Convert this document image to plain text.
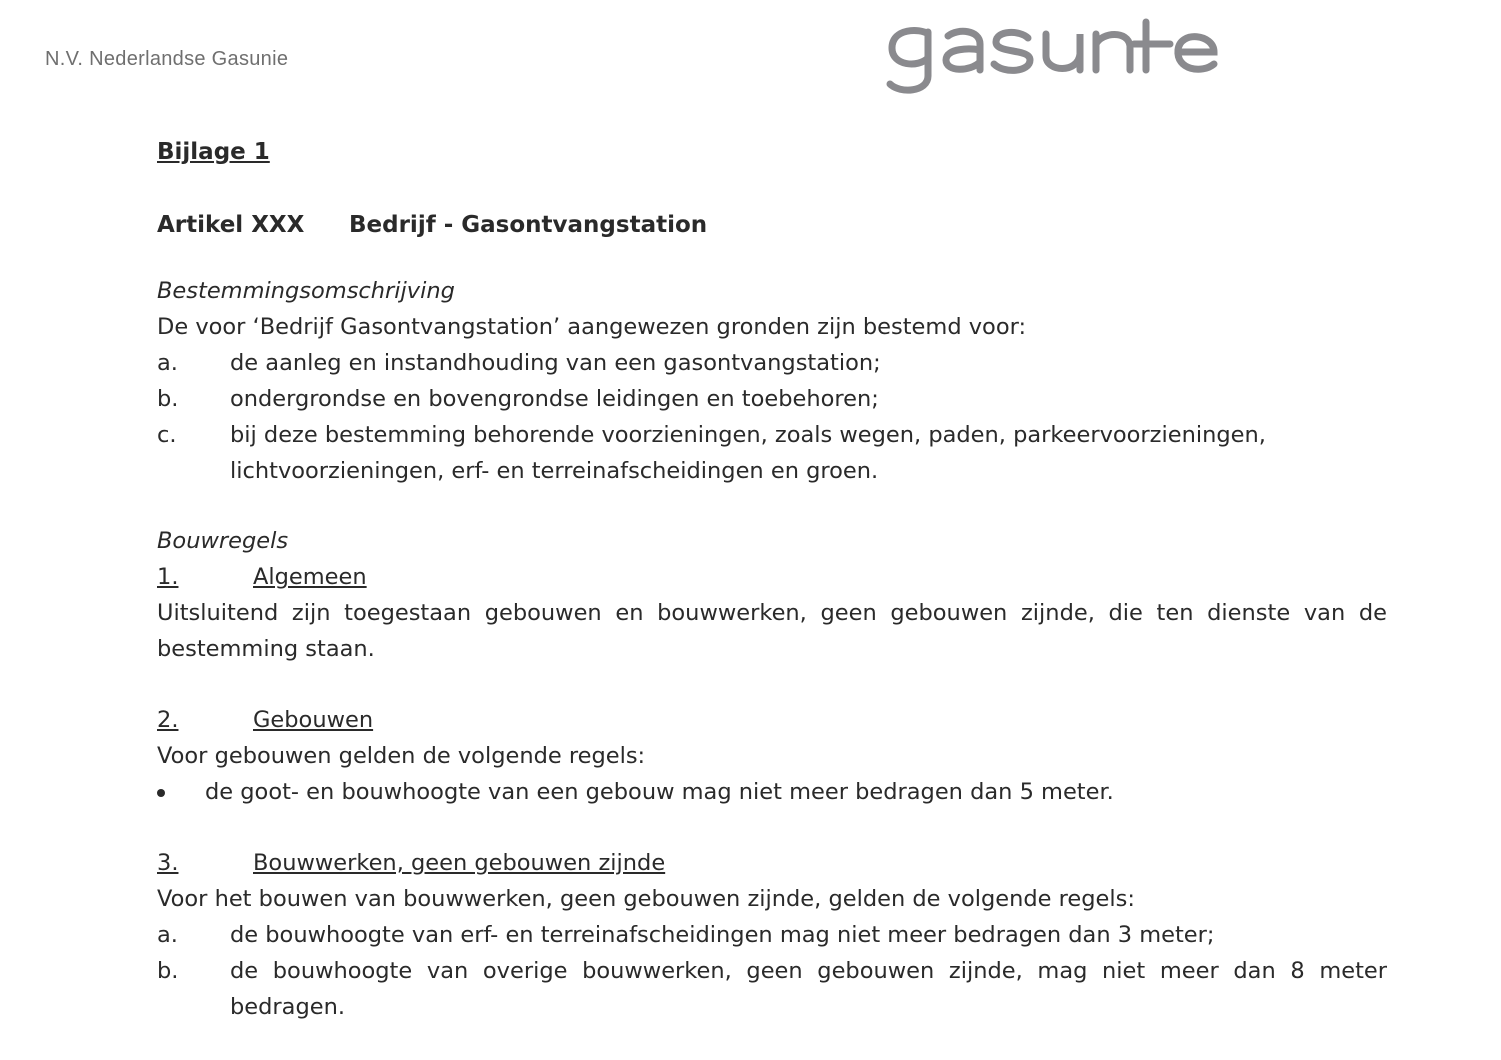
N.V. Nederlandse Gasunie
Bijlage 1
Artikel XXX Bedrijf - Gasontvangstation
Bestemmingsomschrijving
De voor ‘Bedrijf Gasontvangstation’ aangewezen gronden zijn bestemd voor:
a. de aanleg en instandhouding van een gasontvangstation;
b. ondergrondse en bovengrondse leidingen en toebehoren;
c. bij deze bestemming behorende voorzieningen, zoals wegen, paden, parkeervoorzieningen, lichtvoorzieningen, erf- en terreinafscheidingen en groen.
Bouwregels
1.	Algemeen
Uitsluitend zijn toegestaan gebouwen en bouwwerken, geen gebouwen zijnde, die ten dienste van de bestemming staan.
2.	Gebouwen
Voor gebouwen gelden de volgende regels:
de goot- en bouwhoogte van een gebouw mag niet meer bedragen dan 5 meter.
3.	Bouwwerken, geen gebouwen zijnde
Voor het bouwen van bouwwerken, geen gebouwen zijnde, gelden de volgende regels:
a. de bouwhoogte van erf- en terreinafscheidingen mag niet meer bedragen dan 3 meter;
b. de bouwhoogte van overige bouwwerken, geen gebouwen zijnde, mag niet meer dan 8 meter bedragen.
